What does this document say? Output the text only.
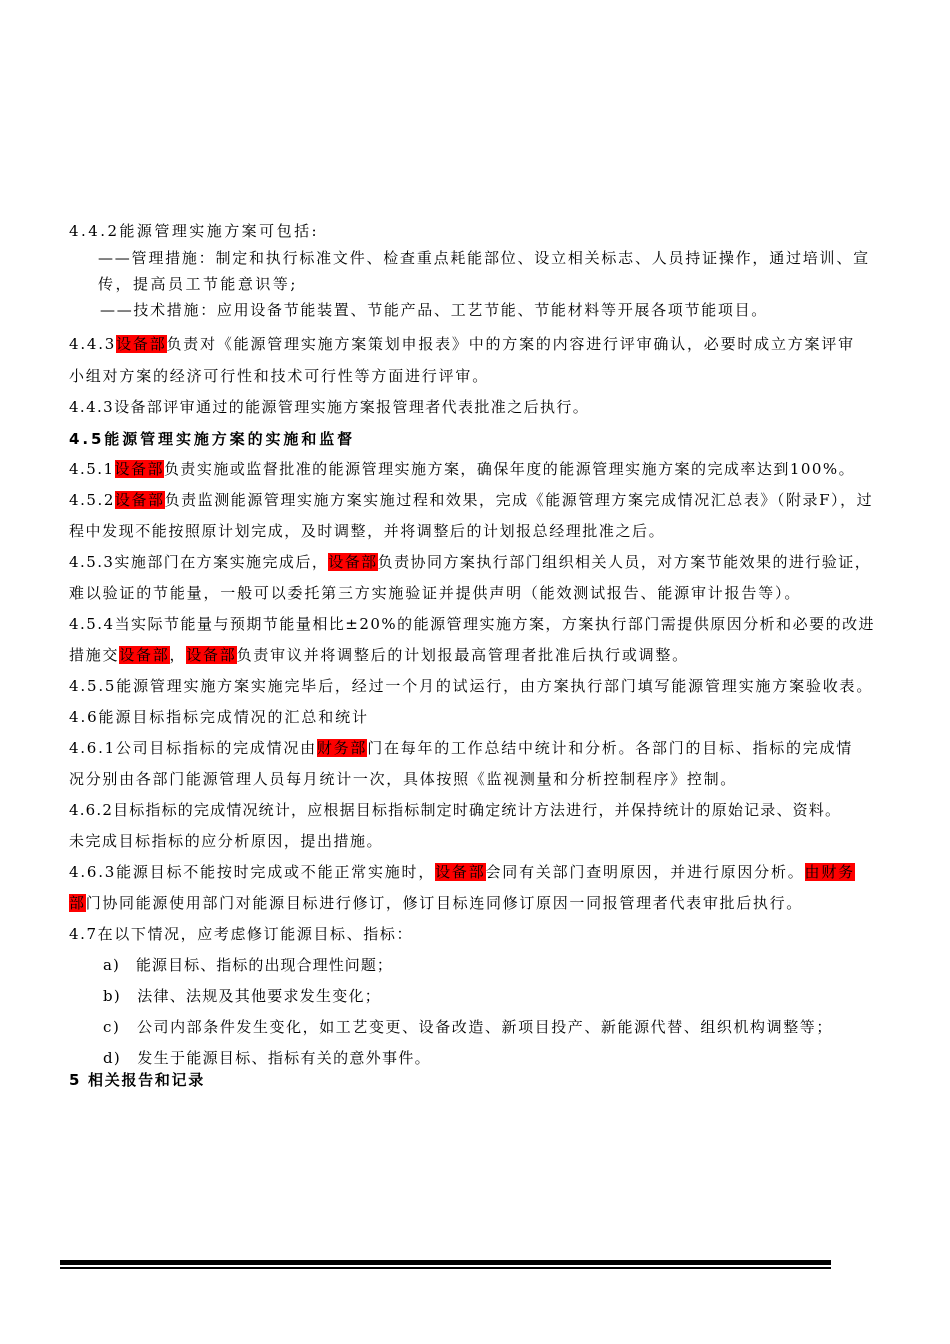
4.4.2能源管理实施方案可包括:
——管理措施：制定和执行标准文件、检查重点耗能部位、设立相关标志、人员持证操作，通过培训、宣
传，提高员工节能意识等;
——技术措施：应用设备节能装置、节能产品、工艺节能、节能材料等开展各项节能项目。
4.4.3设备部负责对《能源管理实施方案策划申报表》中的方案的内容进行评审确认，必要时成立方案评审
小组对方案的经济可行性和技术可行性等方面进行评审。
4.4.3设备部评审通过的能源管理实施方案报管理者代表批准之后执行。
4.5能源管理实施方案的实施和监督
4.5.1设备部负责实施或监督批准的能源管理实施方案，确保年度的能源管理实施方案的完成率达到100%。
4.5.2设备部负责监测能源管理实施方案实施过程和效果，完成《能源管理方案完成情况汇总表》（附录F），过
程中发现不能按照原计划完成，及时调整，并将调整后的计划报总经理批准之后。
4.5.3实施部门在方案实施完成后，设备部负责协同方案执行部门组织相关人员，对方案节能效果的进行验证，
难以验证的节能量，一般可以委托第三方实施验证并提供声明（能效测试报告、能源审计报告等）。
4.5.4当实际节能量与预期节能量相比±20%的能源管理实施方案，方案执行部门需提供原因分析和必要的改进
措施交设备部，设备部负责审议并将调整后的计划报最高管理者批准后执行或调整。
4.5.5能源管理实施方案实施完毕后，经过一个月的试运行，由方案执行部门填写能源管理实施方案验收表。
4.6能源目标指标完成情况的汇总和统计
4.6.1公司目标指标的完成情况由财务部门在每年的工作总结中统计和分析。各部门的目标、指标的完成情
况分别由各部门能源管理人员每月统计一次，具体按照《监视测量和分析控制程序》控制。
4.6.2目标指标的完成情况统计，应根据目标指标制定时确定统计方法进行，并保持统计的原始记录、资料。
未完成目标指标的应分析原因，提出措施。
4.6.3能源目标不能按时完成或不能正常实施时，设备部会同有关部门查明原因，并进行原因分析。由财务
部门协同能源使用部门对能源目标进行修订，修订目标连同修订原因一同报管理者代表审批后执行。
4.7在以下情况，应考虑修订能源目标、指标：
a)　能源目标、指标的出现合理性问题；
b)　法律、法规及其他要求发生变化；
c)　公司内部条件发生变化，如工艺变更、设备改造、新项目投产、新能源代替、组织机构调整等；
d)　发生于能源目标、指标有关的意外事件。
5 相关报告和记录
